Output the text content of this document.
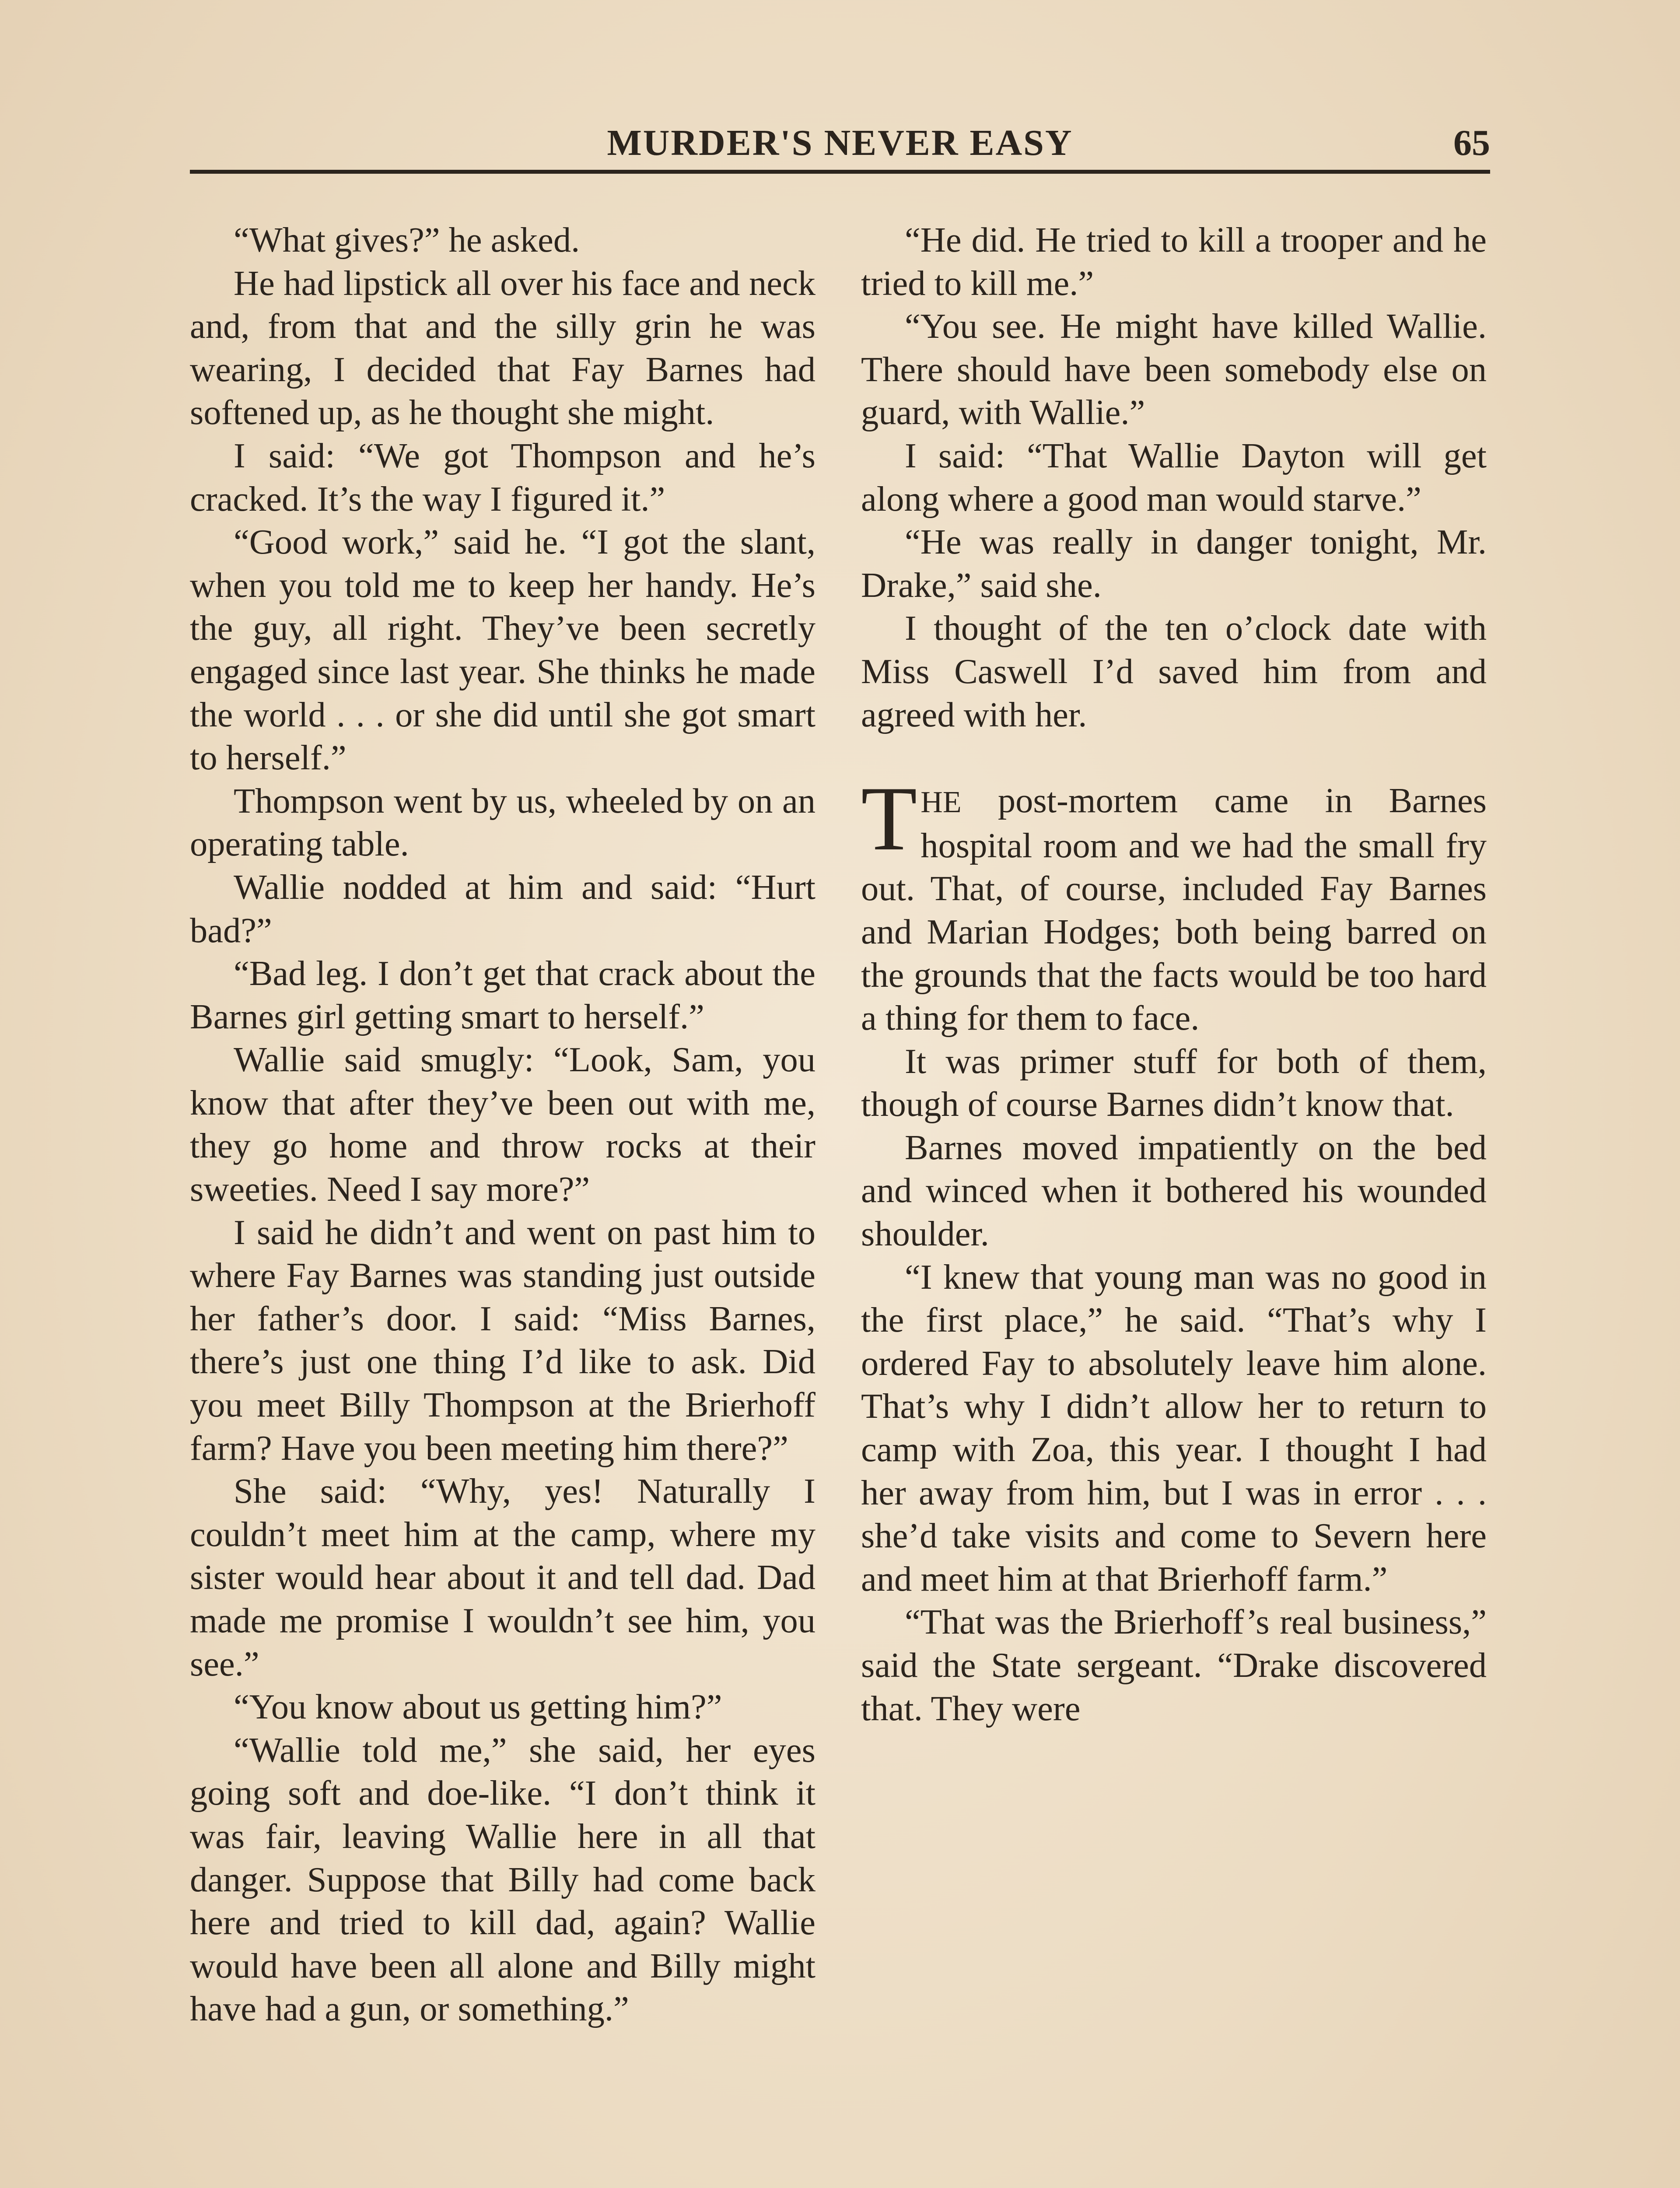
MURDER'S NEVER EASY	65

“What gives?” he asked.

He had lipstick all over his face and neck and, from that and the silly grin he was wearing, I decided that Fay Barnes had softened up, as he thought she might.

I said: “We got Thompson and he’s cracked. It’s the way I figured it.”

“Good work,” said he. “I got the slant, when you told me to keep her handy. He’s the guy, all right. They’ve been secretly engaged since last year. She thinks he made the world . . . or she did until she got smart to herself.”

Thompson went by us, wheeled by on an operating table.

Wallie nodded at him and said: “Hurt bad?”

“Bad leg. I don’t get that crack about the Barnes girl getting smart to herself.”

Wallie said smugly: “Look, Sam, you know that after they’ve been out with me, they go home and throw rocks at their sweeties. Need I say more?”

I said he didn’t and went on past him to where Fay Barnes was standing just outside her father’s door. I said: “Miss Barnes, there’s just one thing I’d like to ask. Did you meet Billy Thompson at the Brierhoff farm? Have you been meeting him there?”

She said: “Why, yes! Naturally I couldn’t meet him at the camp, where my sister would hear about it and tell dad. Dad made me promise I wouldn’t see him, you see.”

“You know about us getting him?”

“Wallie told me,” she said, her eyes going soft and doe-like. “I don’t think it was fair, leaving Wallie here in all that danger. Suppose that Billy had come back here and tried to kill dad, again? Wallie would have been all alone and Billy might have had a gun, or something.”

“He did. He tried to kill a trooper and he tried to kill me.”

“You see. He might have killed Wallie. There should have been somebody else on guard, with Wallie.”

I said: “That Wallie Dayton will get along where a good man would starve.”

“He was really in danger tonight, Mr. Drake,” said she.

I thought of the ten o’clock date with Miss Caswell I’d saved him from and agreed with her.

THE post-mortem came in Barnes hospital room and we had the small fry out. That, of course, included Fay Barnes and Marian Hodges; both being barred on the grounds that the facts would be too hard a thing for them to face.

It was primer stuff for both of them, though of course Barnes didn’t know that.

Barnes moved impatiently on the bed and winced when it bothered his wounded shoulder.

“I knew that young man was no good in the first place,” he said. “That’s why I ordered Fay to absolutely leave him alone. That’s why I didn’t allow her to return to camp with Zoa, this year. I thought I had her away from him, but I was in error . . . she’d take visits and come to Severn here and meet him at that Brierhoff farm.”

“That was the Brierhoff’s real business,” said the State sergeant. “Drake discovered that. They were
